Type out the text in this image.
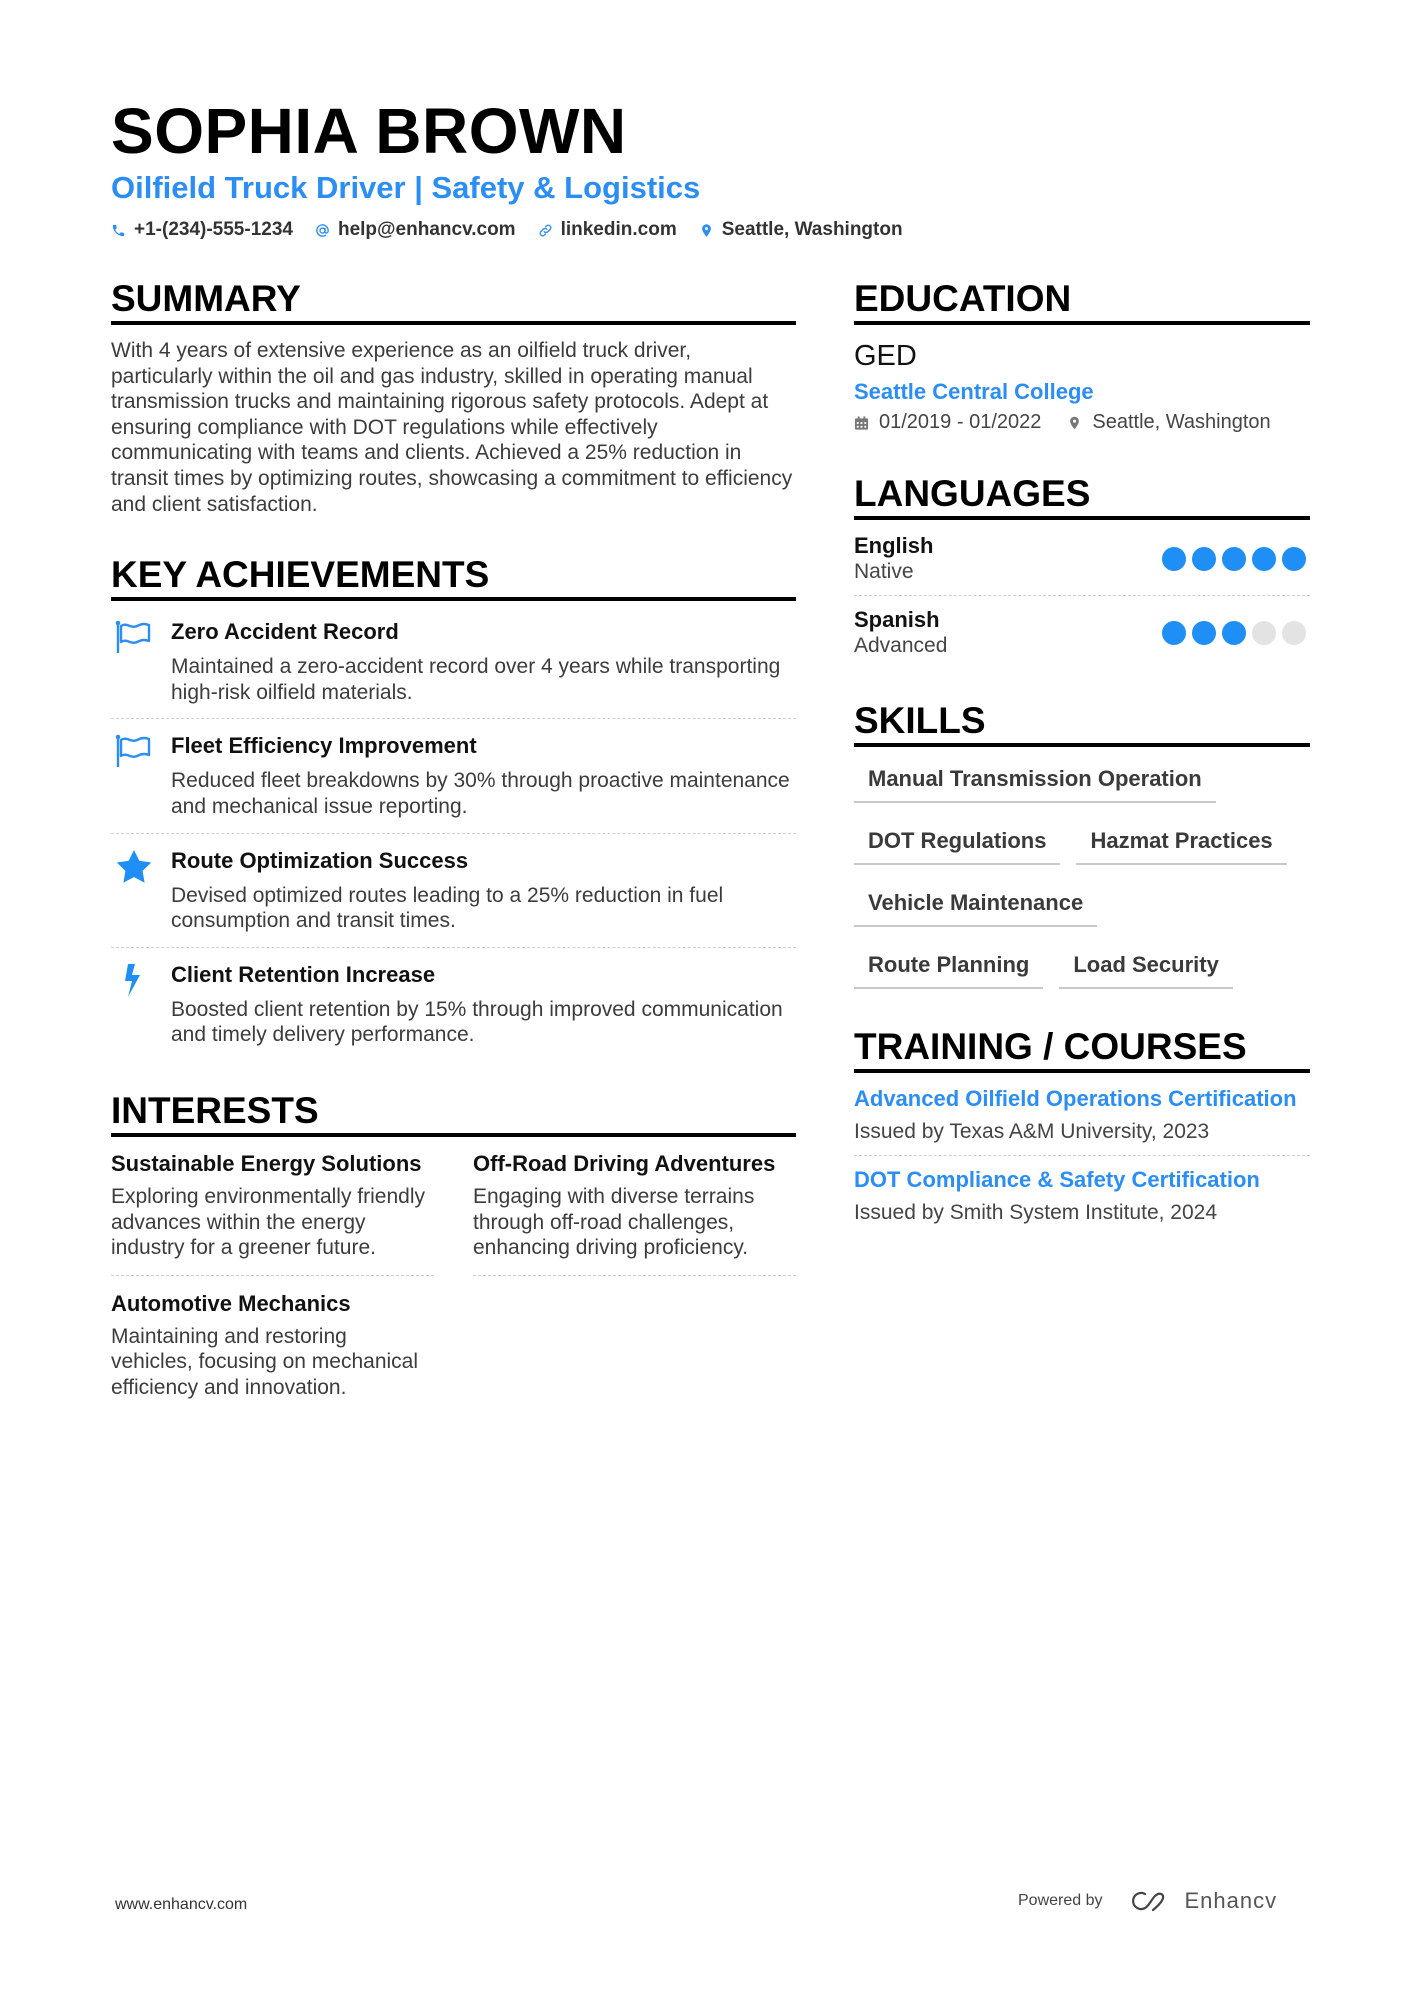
SOPHIA BROWN
Oilfield Truck Driver | Safety & Logistics
+1-(234)-555-1234 help@enhancv.com linkedin.com Seattle, Washington
SUMMARY
With 4 years of extensive experience as an oilfield truck driver, particularly within the oil and gas industry, skilled in operating manual transmission trucks and maintaining rigorous safety protocols. Adept at ensuring compliance with DOT regulations while effectively communicating with teams and clients. Achieved a 25% reduction in transit times by optimizing routes, showcasing a commitment to efficiency and client satisfaction.
KEY ACHIEVEMENTS
Zero Accident Record
Maintained a zero-accident record over 4 years while transporting high-risk oilfield materials.
Fleet Efficiency Improvement
Reduced fleet breakdowns by 30% through proactive maintenance and mechanical issue reporting.
Route Optimization Success
Devised optimized routes leading to a 25% reduction in fuel consumption and transit times.
Client Retention Increase
Boosted client retention by 15% through improved communication and timely delivery performance.
INTERESTS
Sustainable Energy Solutions
Exploring environmentally friendly advances within the energy industry for a greener future.
Off-Road Driving Adventures
Engaging with diverse terrains through off-road challenges, enhancing driving proficiency.
Automotive Mechanics
Maintaining and restoring vehicles, focusing on mechanical efficiency and innovation.
EDUCATION
GED
Seattle Central College
01/2019 - 01/2022	Seattle, Washington
LANGUAGES
English
Native
Spanish
Advanced
SKILLS
Manual Transmission Operation
DOT Regulations	Hazmat Practices
Vehicle Maintenance
Route Planning	Load Security
TRAINING / COURSES
Advanced Oilfield Operations Certification
Issued by Texas A&M University, 2023
DOT Compliance & Safety Certification
Issued by Smith System Institute, 2024
www.enhancv.com	Powered by	Enhancv
